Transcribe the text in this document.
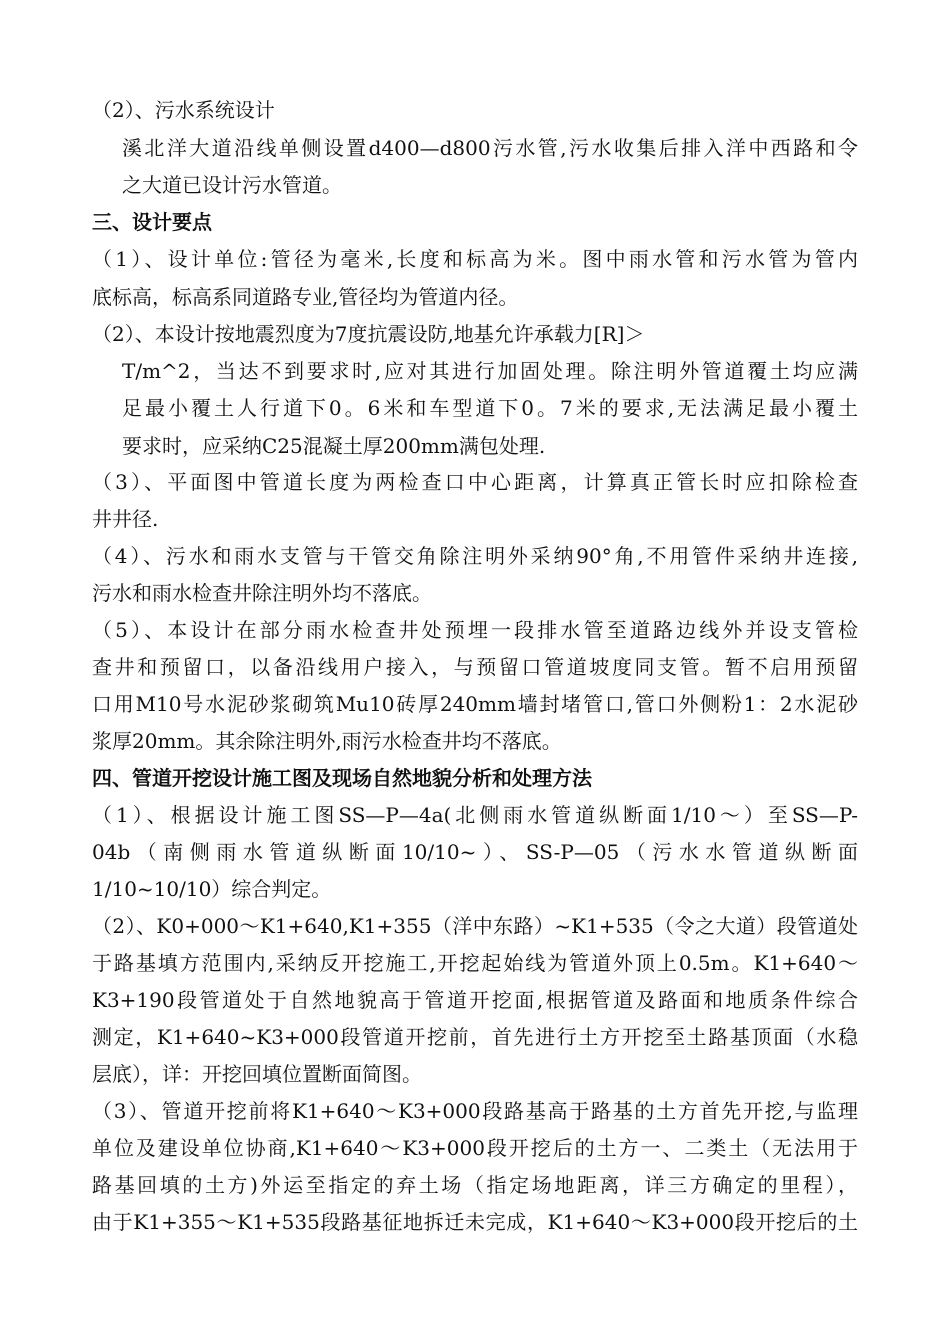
（2）、污水系统设计
溪北洋大道沿线单侧设置d400—d800污水管,污水收集后排入洋中西路和令
之大道已设计污水管道。
三、设计要点
（1）、设计单位:管径为毫米,长度和标高为米。图中雨水管和污水管为管内
底标高，标高系同道路专业,管径均为管道内径。
（2）、本设计按地震烈度为7度抗震设防,地基允许承载力[R]＞
T/m^2，当达不到要求时,应对其进行加固处理。除注明外管道覆土均应满
足最小覆土人行道下0。6米和车型道下0。7米的要求,无法满足最小覆土
要求时，应采纳C25混凝土厚200mm满包处理.
（3）、平面图中管道长度为两检查口中心距离，计算真正管长时应扣除检查
井井径.
（4）、污水和雨水支管与干管交角除注明外采纳90°角,不用管件采纳井连接,
污水和雨水检查井除注明外均不落底。
（5）、本设计在部分雨水检查井处预埋一段排水管至道路边线外并设支管检
查井和预留口，以备沿线用户接入，与预留口管道坡度同支管。暂不启用预留
口用M10号水泥砂浆砌筑Mu10砖厚240mm墙封堵管口,管口外侧粉1：2水泥砂
浆厚20mm。其余除注明外,雨污水检查井均不落底。
四、管道开挖设计施工图及现场自然地貌分析和处理方法
（1）、根据设计施工图SS—P—4a(北侧雨水管道纵断面1/10～）至SS—P-
04b（南侧雨水管道纵断面10/10~）、SS-P—05（污水水管道纵断面
1/10~10/10）综合判定。
（2）、K0+000～K1+640,K1+355（洋中东路）~K1+535（令之大道）段管道处
于路基填方范围内,采纳反开挖施工,开挖起始线为管道外顶上0.5m。K1+640～
K3+190段管道处于自然地貌高于管道开挖面,根据管道及路面和地质条件综合
测定，K1+640~K3+000段管道开挖前，首先进行土方开挖至土路基顶面（水稳
层底），详：开挖回填位置断面简图。
（3）、管道开挖前将K1+640～K3+000段路基高于路基的土方首先开挖,与监理
单位及建设单位协商,K1+640～K3+000段开挖后的土方一、二类土（无法用于
路基回填的土方)外运至指定的弃土场（指定场地距离，详三方确定的里程），
由于K1+355～K1+535段路基征地拆迁未完成，K1+640～K3+000段开挖后的土
